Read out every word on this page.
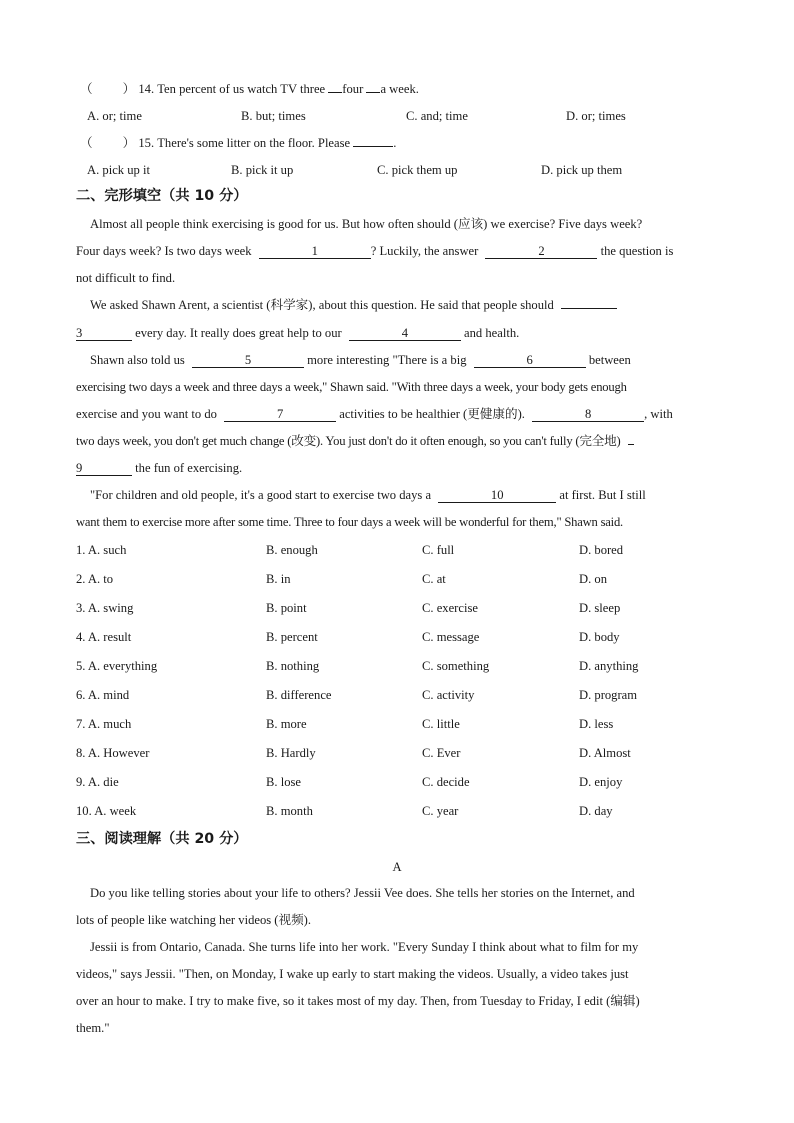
（ ） 14. Ten percent of us watch TV three four a week.
A. or; time	B. but; times	C. and; time	D. or; times
（ ） 15. There's some litter on the floor. Please	.
A. pick up it	B. pick it up	C. pick them up	D. pick up them
二、完形填空（共 10 分）
Almost all people think exercising is good for us. But how often should (应该) we exercise? Five days week?
Four days week? Is two days week	1	? Luckily, the answer	2	the question is
not difficult to find.
We asked Shawn Arent, a scientist (科学家), about this question. He said that people should
3	every day. It really does great help to our	4	and health.
Shawn also told us	5	more interesting "There is a big	6	between
exercising two days a week and three days a week," Shawn said. "With three days a week, your body gets enough
exercise and you want to do	7	activities to be healthier (更健康的).	8	, with
two days week, you don't get much change (改变). You just don't do it often enough, so you can't fully (完全地)
9	the fun of exercising.
"For children and old people, it's a good start to exercise two days a	10	at first. But I still
want them to exercise more after some time. Three to four days a week will be wonderful for them," Shawn said.
1. A. such	B. enough	C. full	D. bored
2. A. to	B. in	C. at	D. on
3. A. swing	B. point	C. exercise	D. sleep
4. A. result	B. percent	C. message	D. body
5. A. everything	B. nothing	C. something	D. anything
6. A. mind	B. difference	C. activity	D. program
7. A. much	B. more	C. little	D. less
8. A. However	B. Hardly	C. Ever	D. Almost
9. A. die	B. lose	C. decide	D. enjoy
10. A. week	B. month	C. year	D. day
三、阅读理解（共 20 分）
A
Do you like telling stories about your life to others? Jessii Vee does. She tells her stories on the Internet, and
lots of people like watching her videos (视频).
Jessii is from Ontario, Canada. She turns life into her work. "Every Sunday I think about what to film for my
videos," says Jessii. "Then, on Monday, I wake up early to start making the videos. Usually, a video takes just
over an hour to make. I try to make five, so it takes most of my day. Then, from Tuesday to Friday, I edit (编辑)
them."
